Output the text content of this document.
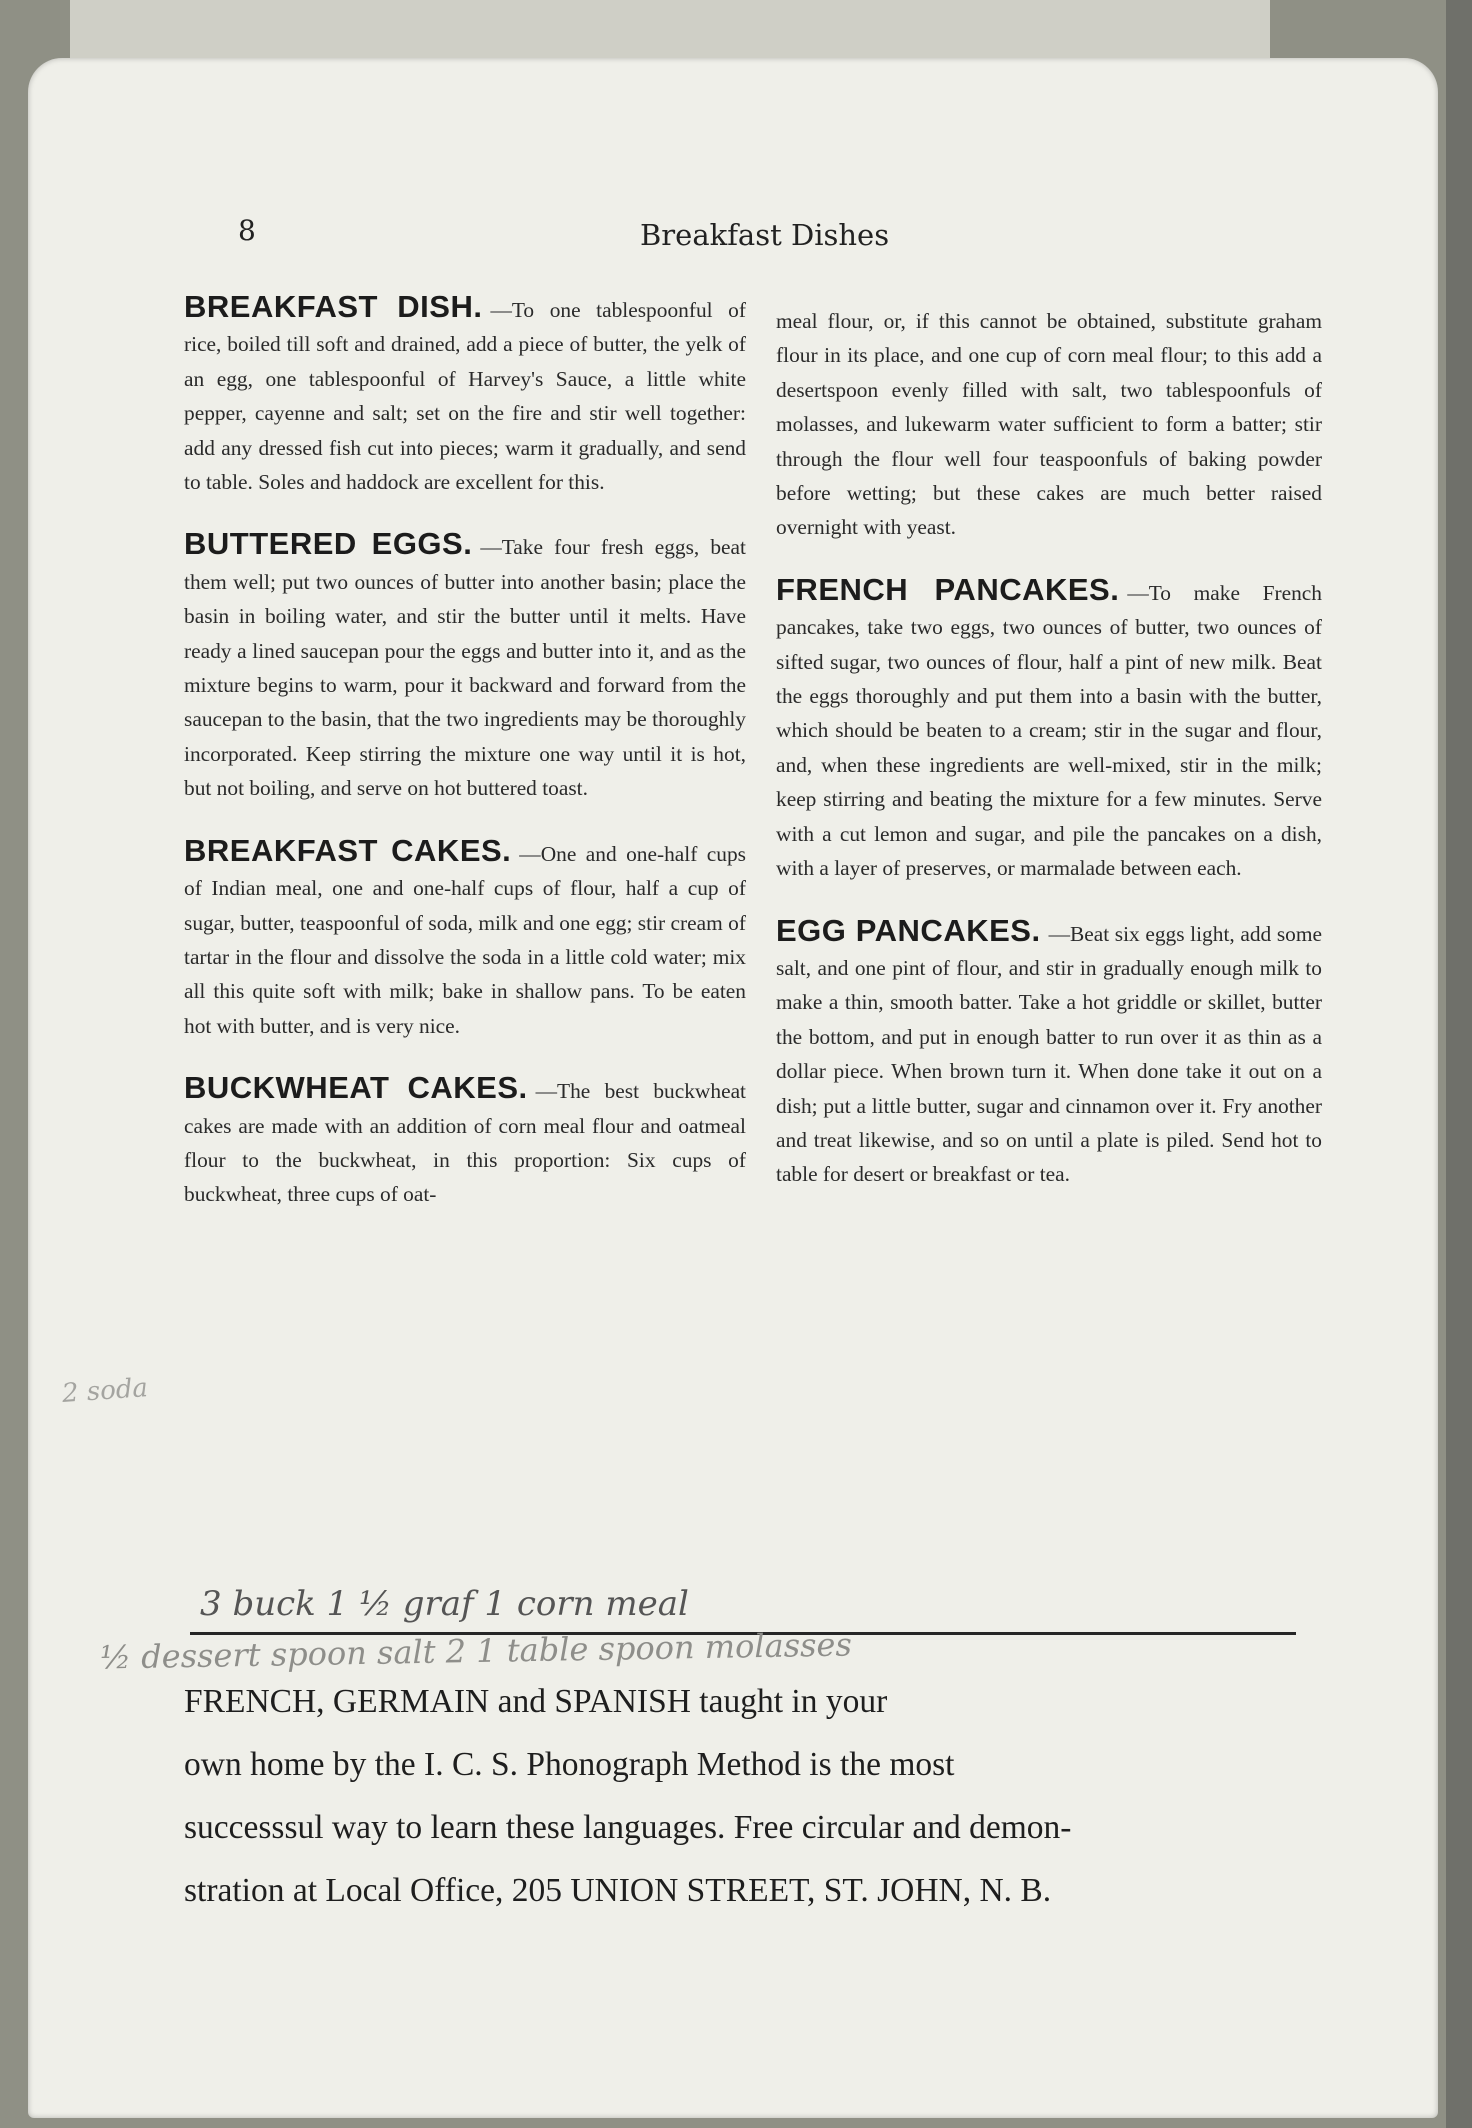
8	Breakfast Dishes

BREAKFAST DISH. —To one tablespoonful of rice, boiled till soft and drained, add a piece of butter, the yelk of an egg, one tablespoonful of Harvey's Sauce, a little white pepper, cayenne and salt; set on the fire and stir well together: add any dressed fish cut into pieces; warm it gradually, and send to table. Soles and haddock are excellent for this.

BUTTERED EGGS. —Take four fresh eggs, beat them well; put two ounces of butter into another basin; place the basin in boiling water, and stir the butter until it melts. Have ready a lined saucepan pour the eggs and butter into it, and as the mixture begins to warm, pour it backward and forward from the saucepan to the basin, that the two ingredients may be thoroughly incorporated. Keep stirring the mixture one way until it is hot, but not boiling, and serve on hot buttered toast.

BREAKFAST CAKES. —One and one-half cups of Indian meal, one and one-half cups of flour, half a cup of sugar, butter, teaspoonful of soda, milk and one egg; stir cream of tartar in the flour and dissolve the soda in a little cold water; mix all this quite soft with milk; bake in shallow pans. To be eaten hot with butter, and is very nice.

BUCKWHEAT CAKES. —The best buckwheat cakes are made with an addition of corn meal flour and oatmeal flour to the buckwheat, in this proportion: Six cups of buckwheat, three cups of oat-

meal flour, or, if this cannot be obtained, substitute graham flour in its place, and one cup of corn meal flour; to this add a desertspoon evenly filled with salt, two tablespoonfuls of molasses, and lukewarm water sufficient to form a batter; stir through the flour well four teaspoonfuls of baking powder before wetting; but these cakes are much better raised overnight with yeast.

FRENCH PANCAKES. —To make French pancakes, take two eggs, two ounces of butter, two ounces of sifted sugar, two ounces of flour, half a pint of new milk. Beat the eggs thoroughly and put them into a basin with the butter, which should be beaten to a cream; stir in the sugar and flour, and, when these ingredients are well-mixed, stir in the milk; keep stirring and beating the mixture for a few minutes. Serve with a cut lemon and sugar, and pile the pancakes on a dish, with a layer of preserves, or marmalade between each.

EGG PANCAKES. —Beat six eggs light, add some salt, and one pint of flour, and stir in gradually enough milk to make a thin, smooth batter. Take a hot griddle or skillet, butter the bottom, and put in enough batter to run over it as thin as a dollar piece. When brown turn it. When done take it out on a dish; put a little butter, sugar and cinnamon over it. Fry another and treat likewise, and so on until a plate is piled. Send hot to table for desert or breakfast or tea.

2 soda
3 buck 1 ½ graf 1 corn meal
½ dessert spoon salt 2 1 table spoon molasses
FRENCH, GERMAIN and SPANISH taught in your
own home by the I. C. S. Phonograph Method is the most
successsul way to learn these languages. Free circular and demon-
stration at Local Office, 205 UNION STREET, ST. JOHN, N. B.
